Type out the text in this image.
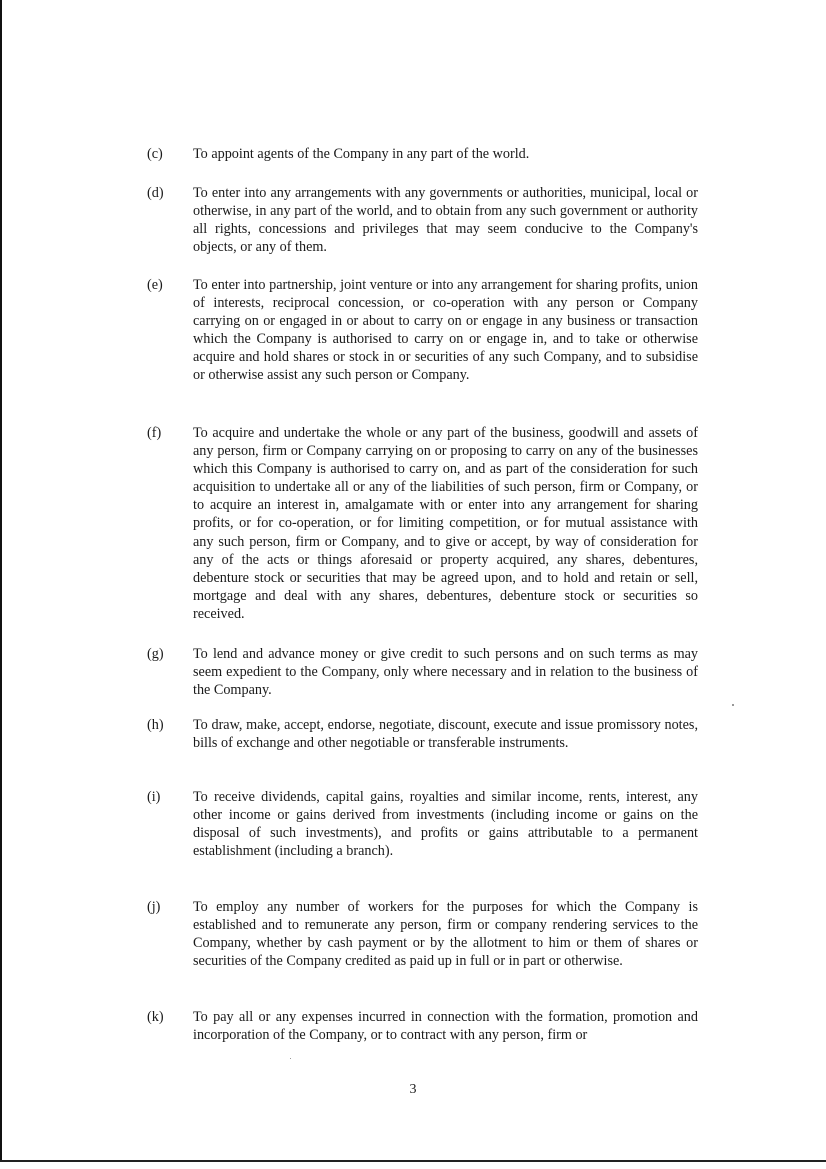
(c) To appoint agents of the Company in any part of the world.
(d) To enter into any arrangements with any governments or authorities, municipal, local or otherwise, in any part of the world, and to obtain from any such government or authority all rights, concessions and privileges that may seem conducive to the Company's objects, or any of them.
(e) To enter into partnership, joint venture or into any arrangement for sharing profits, union of interests, reciprocal concession, or co-operation with any person or Company carrying on or engaged in or about to carry on or engage in any business or transaction which the Company is authorised to carry on or engage in, and to take or otherwise acquire and hold shares or stock in or securities of any such Company, and to subsidise or otherwise assist any such person or Company.
(f) To acquire and undertake the whole or any part of the business, goodwill and assets of any person, firm or Company carrying on or proposing to carry on any of the businesses which this Company is authorised to carry on, and as part of the consideration for such acquisition to undertake all or any of the liabilities of such person, firm or Company, or to acquire an interest in, amalgamate with or enter into any arrangement for sharing profits, or for co-operation, or for limiting competition, or for mutual assistance with any such person, firm or Company, and to give or accept, by way of consideration for any of the acts or things aforesaid or property acquired, any shares, debentures, debenture stock or securities that may be agreed upon, and to hold and retain or sell, mortgage and deal with any shares, debentures, debenture stock or securities so received.
(g) To lend and advance money or give credit to such persons and on such terms as may seem expedient to the Company, only where necessary and in relation to the business of the Company.
(h) To draw, make, accept, endorse, negotiate, discount, execute and issue promissory notes, bills of exchange and other negotiable or transferable instruments.
(i) To receive dividends, capital gains, royalties and similar income, rents, interest, any other income or gains derived from investments (including income or gains on the disposal of such investments), and profits or gains attributable to a permanent establishment (including a branch).
(j) To employ any number of workers for the purposes for which the Company is established and to remunerate any person, firm or company rendering services to the Company, whether by cash payment or by the allotment to him or them of shares or securities of the Company credited as paid up in full or in part or otherwise.
(k) To pay all or any expenses incurred in connection with the formation, promotion and incorporation of the Company, or to contract with any person, firm or
3
